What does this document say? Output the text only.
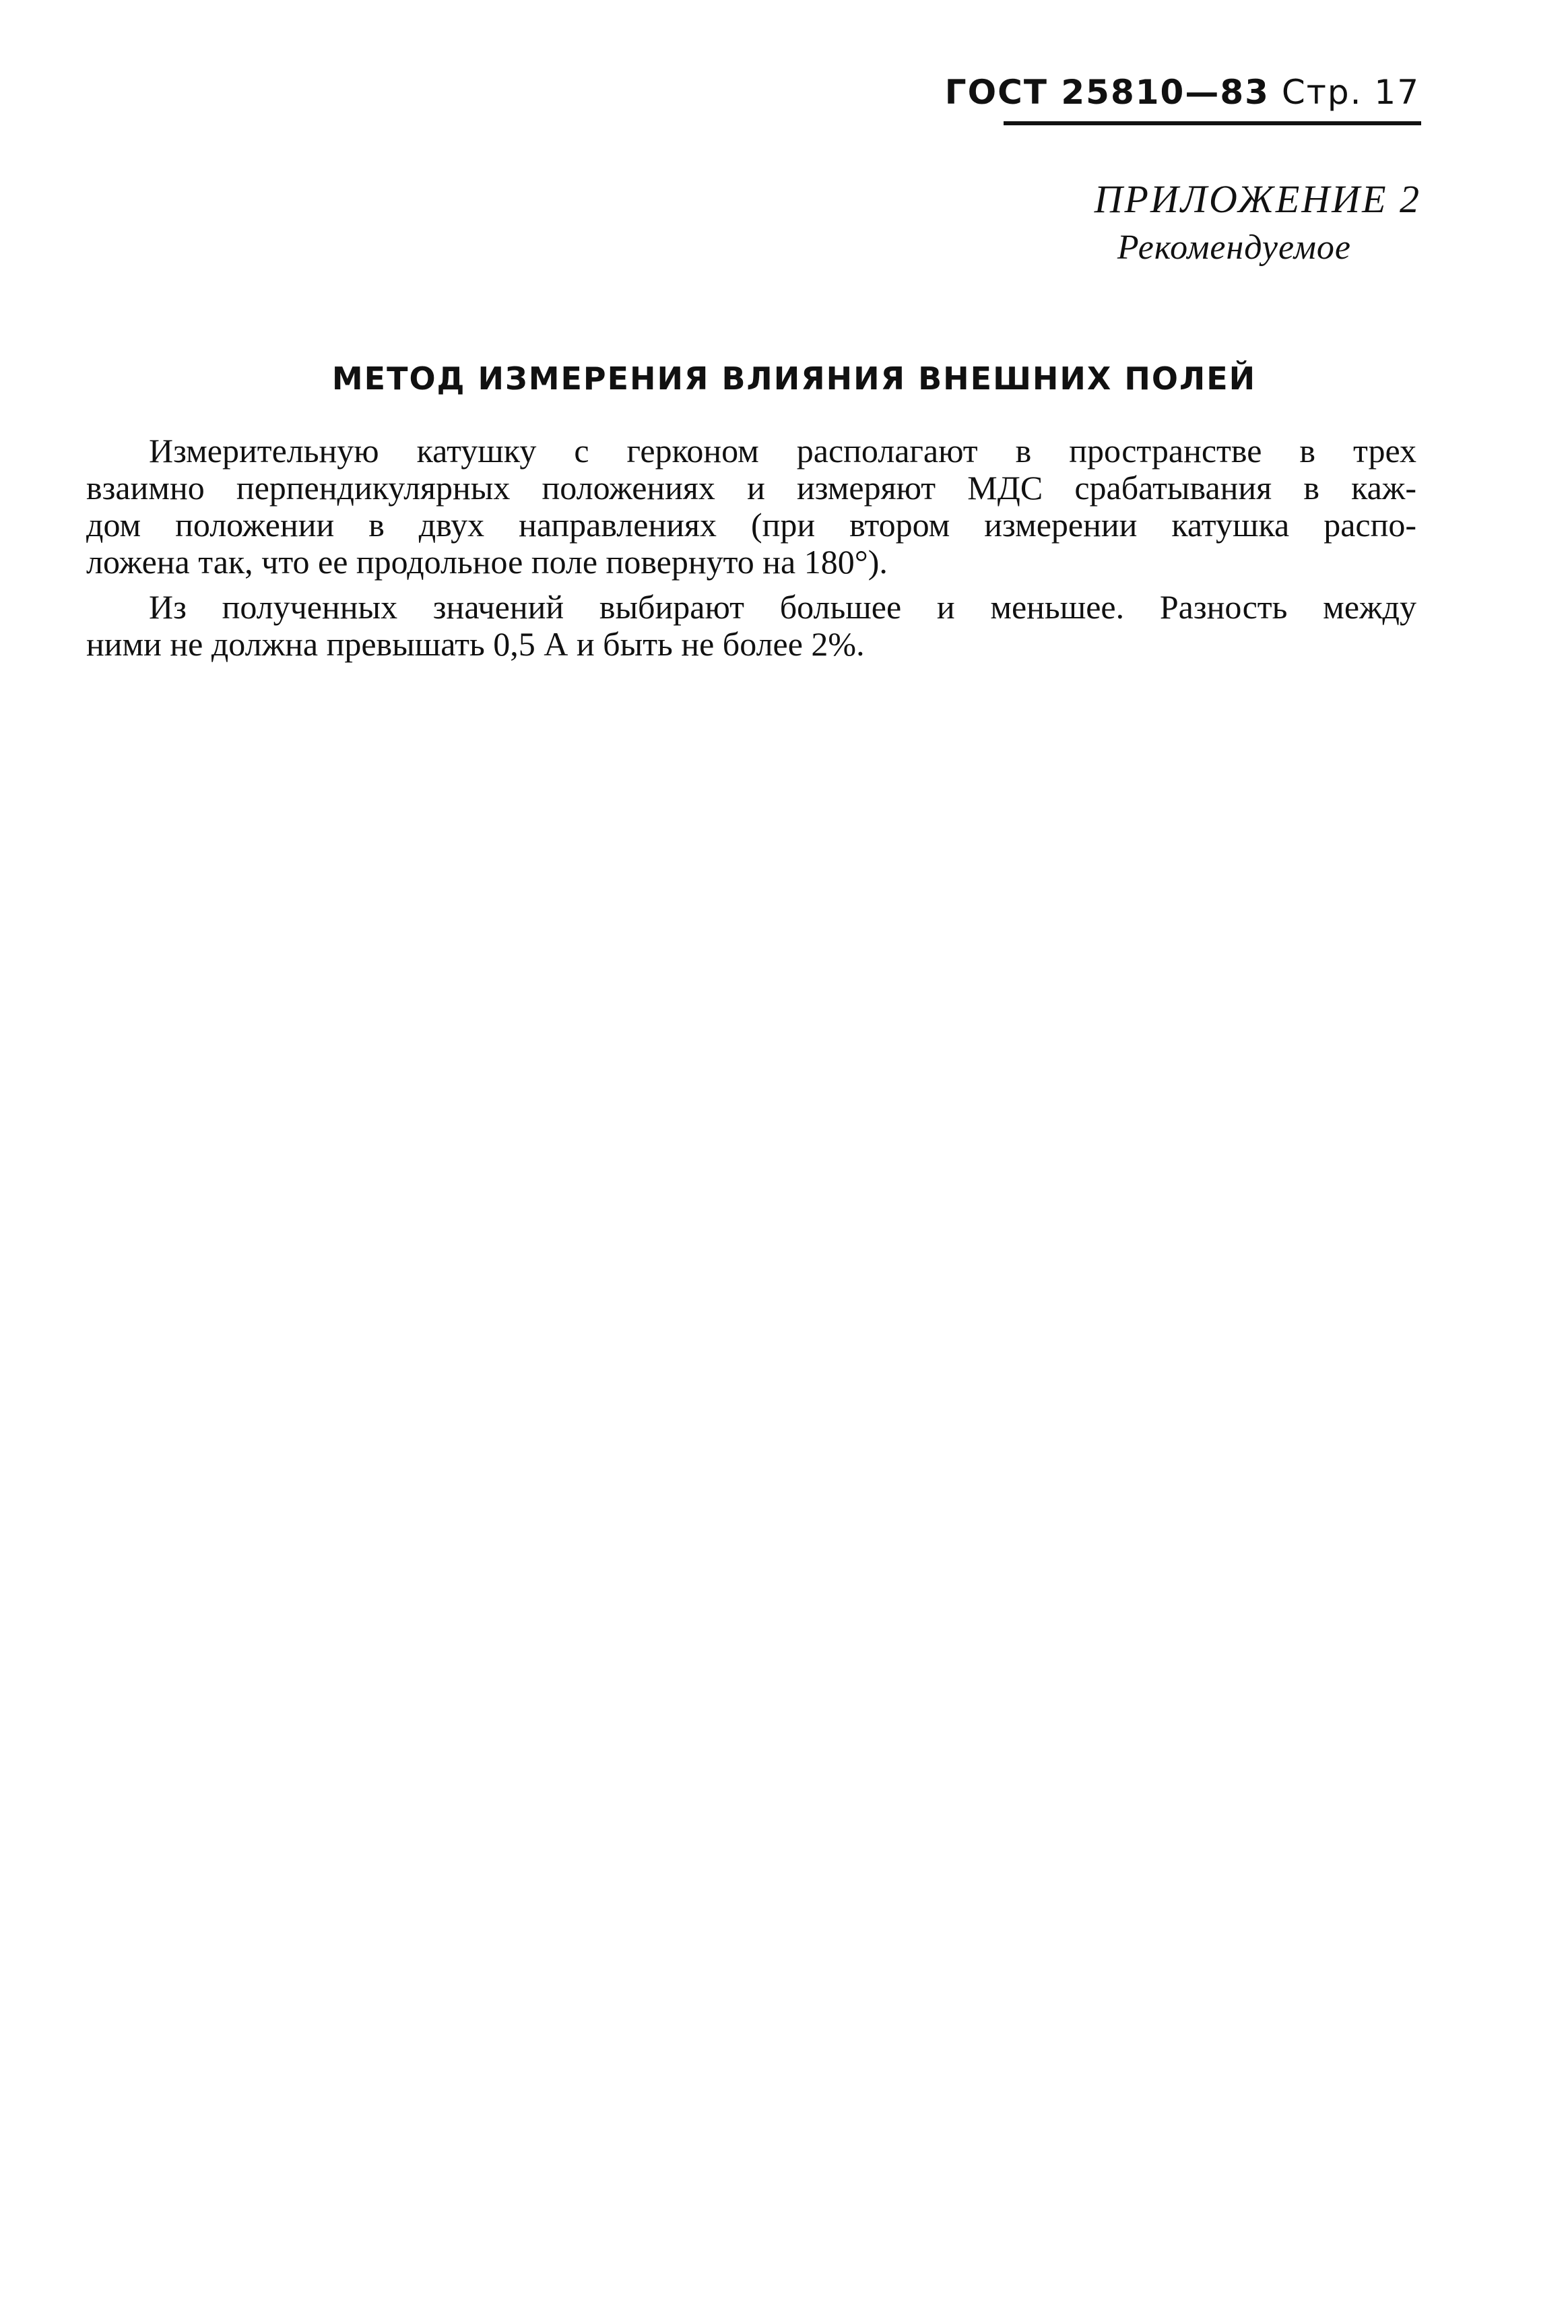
ГОСТ 25810—83 Стр. 17
ПРИЛОЖЕНИЕ 2
Рекомендуемое
МЕТОД ИЗМЕРЕНИЯ ВЛИЯНИЯ ВНЕШНИХ ПОЛЕЙ
Измерительную катушку с герконом располагают в пространстве в трех
взаимно перпендикулярных положениях и измеряют МДС срабатывания в каж-
дом положении в двух направлениях (при втором измерении катушка распо-
ложена так, что ее продольное поле повернуто на 180°).
Из полученных значений выбирают большее и меньшее. Разность между
ними не должна превышать 0,5 А и быть не более 2%.
